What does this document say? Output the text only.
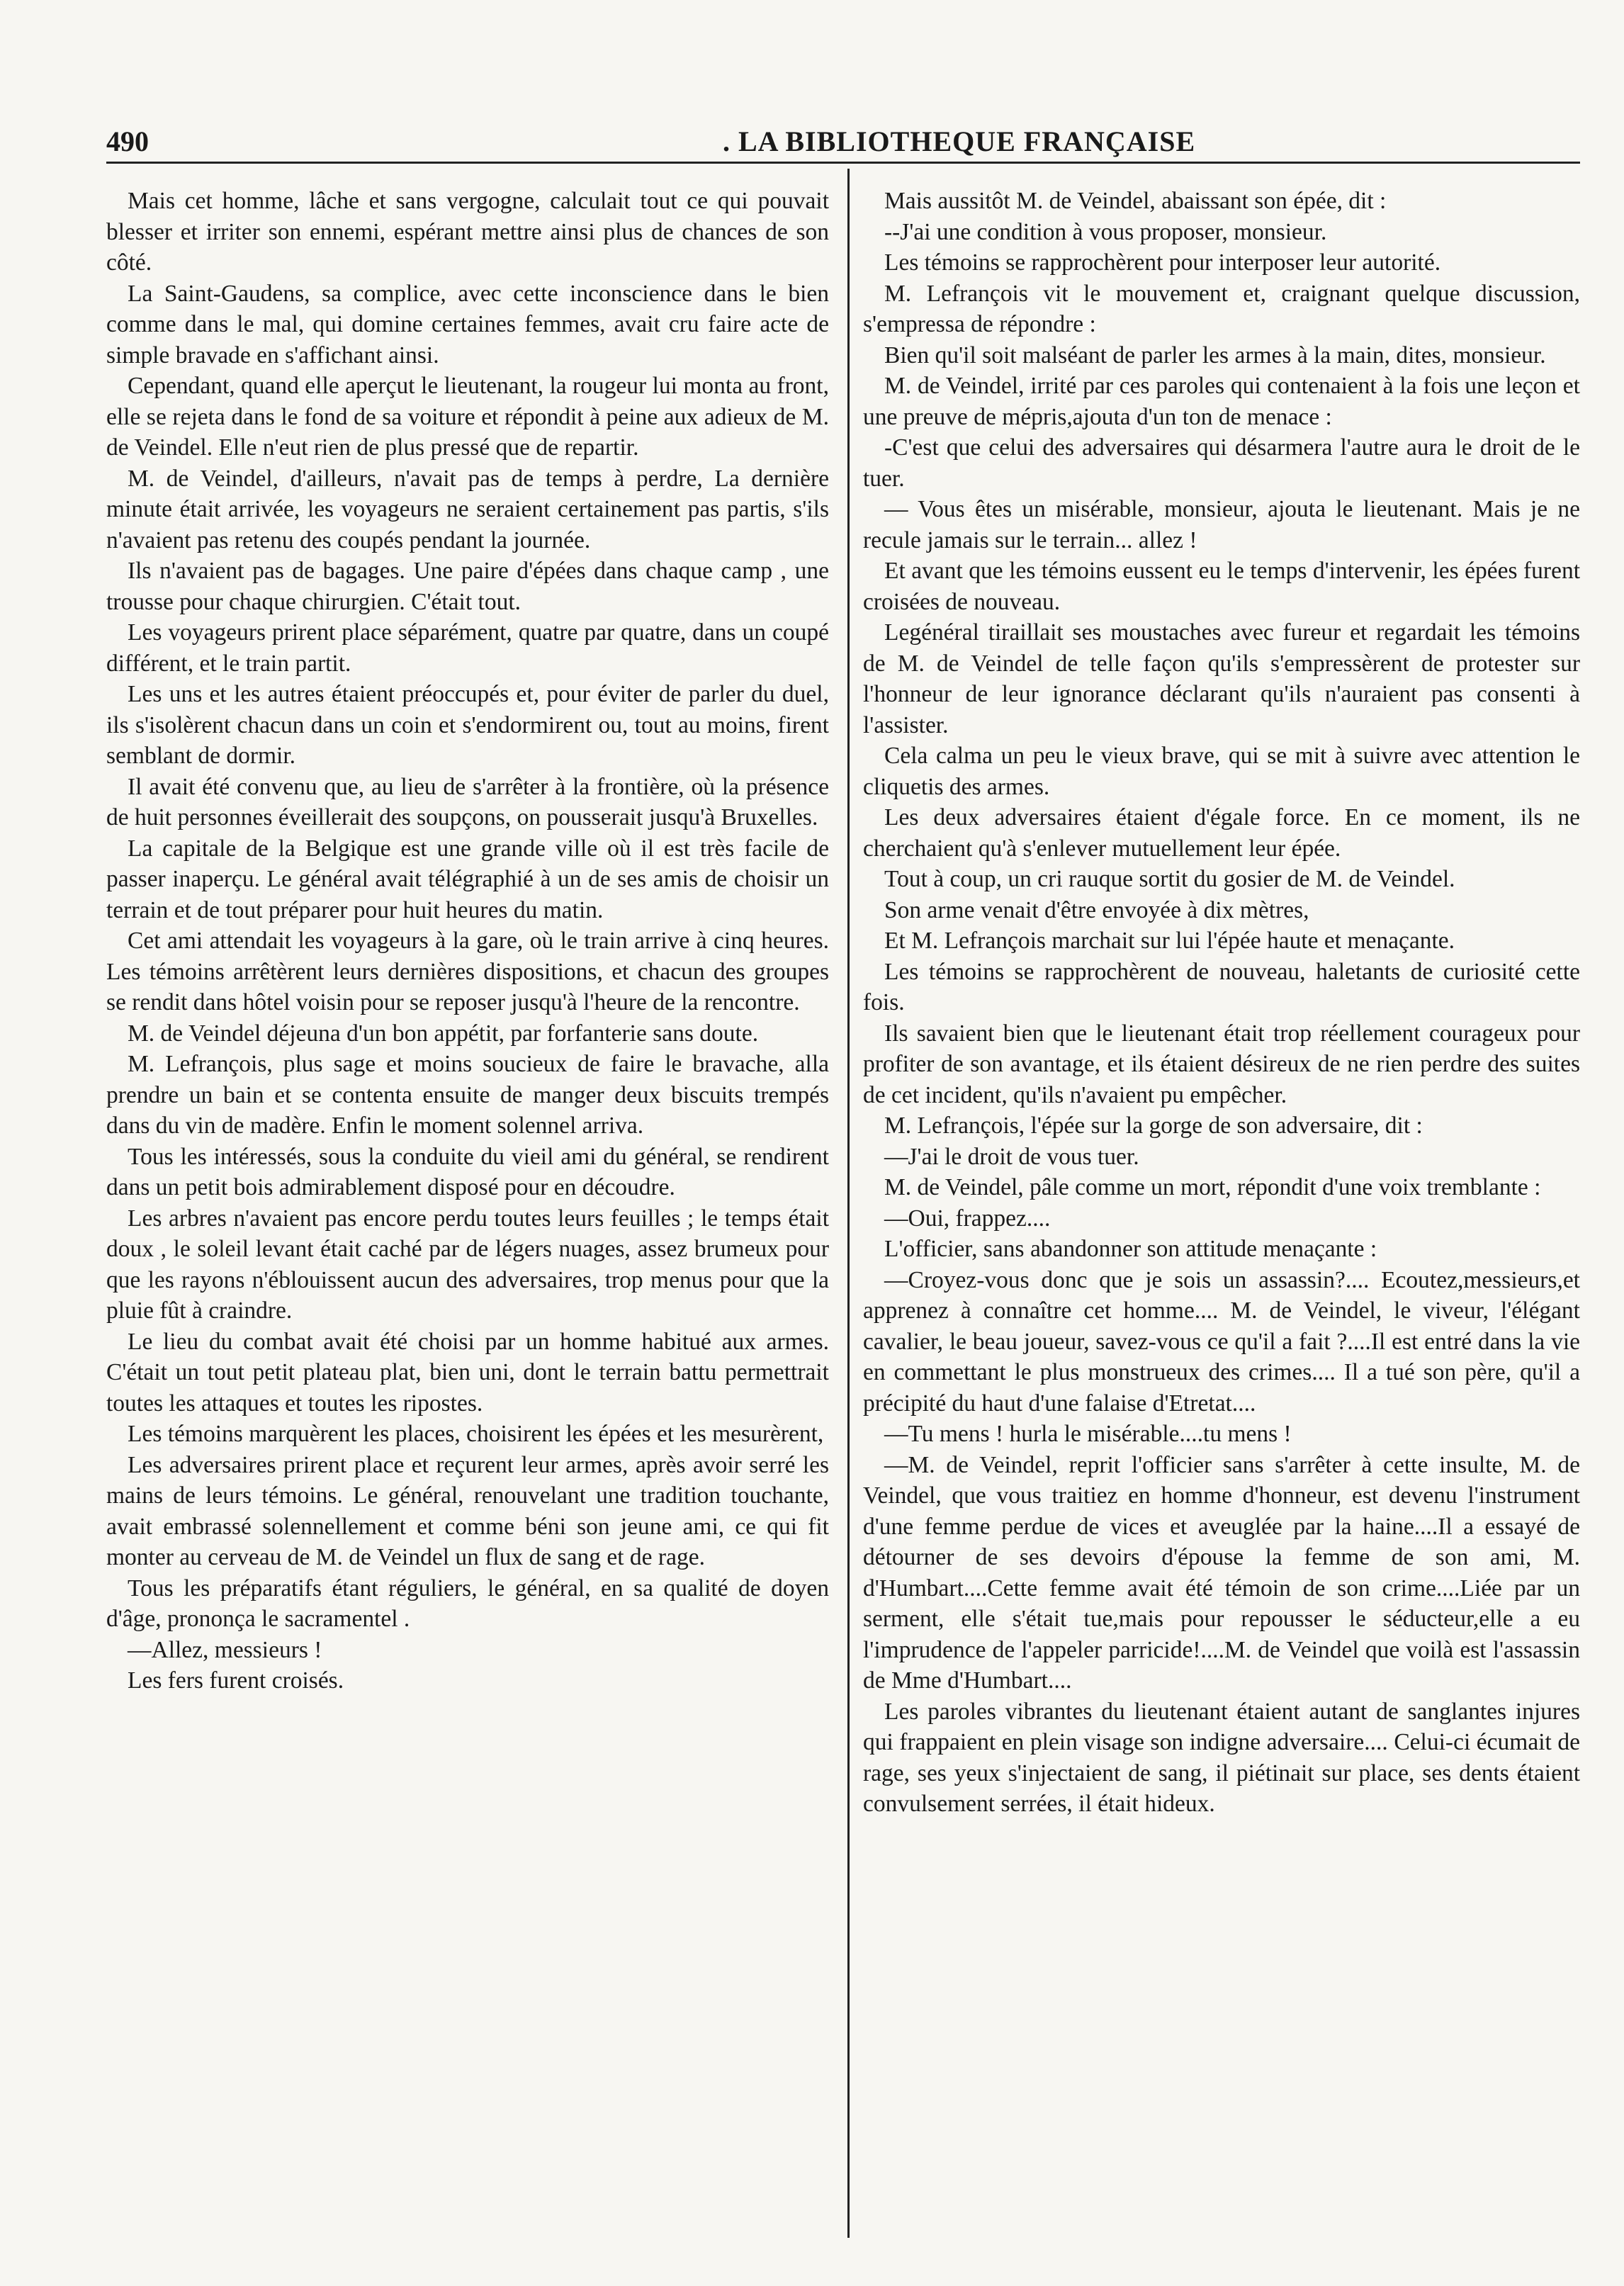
490	. LA BIBLIOTHEQUE FRANÇAISE

Mais cet homme, lâche et sans vergogne, calculait tout ce qui pouvait blesser et irriter son ennemi, espérant mettre ainsi plus de chances de son côté.

La Saint-Gaudens, sa complice, avec cette inconscience dans le bien comme dans le mal, qui domine certaines femmes, avait cru faire acte de simple bravade en s'affichant ainsi.

Cependant, quand elle aperçut le lieutenant, la rougeur lui monta au front, elle se rejeta dans le fond de sa voiture et répondit à peine aux adieux de M. de Veindel. Elle n'eut rien de plus pressé que de repartir.

M. de Veindel, d'ailleurs, n'avait pas de temps à perdre, La dernière minute était arrivée, les voyageurs ne seraient certainement pas partis, s'ils n'avaient pas retenu des coupés pendant la journée.

Ils n'avaient pas de bagages. Une paire d'épées dans chaque camp , une trousse pour chaque chirurgien. C'était tout.

Les voyageurs prirent place séparément, quatre par quatre, dans un coupé différent, et le train partit.

Les uns et les autres étaient préoccupés et, pour éviter de parler du duel, ils s'isolèrent chacun dans un coin et s'endormirent ou, tout au moins, firent semblant de dormir.

Il avait été convenu que, au lieu de s'arrêter à la frontière, où la présence de huit personnes éveillerait des soupçons, on pousserait jusqu'à Bruxelles.

La capitale de la Belgique est une grande ville où il est très facile de passer inaperçu. Le général avait télégraphié à un de ses amis de choisir un terrain et de tout préparer pour huit heures du matin.

Cet ami attendait les voyageurs à la gare, où le train arrive à cinq heures. Les témoins arrêtèrent leurs dernières dispositions, et chacun des groupes se rendit dans hôtel voisin pour se reposer jusqu'à l'heure de la rencontre.

M. de Veindel déjeuna d'un bon appétit, par forfanterie sans doute.

M. Lefrançois, plus sage et moins soucieux de faire le bravache, alla prendre un bain et se contenta ensuite de manger deux biscuits trempés dans du vin de madère. Enfin le moment solennel arriva.

Tous les intéressés, sous la conduite du vieil ami du général, se rendirent dans un petit bois admirablement disposé pour en découdre.

Les arbres n'avaient pas encore perdu toutes leurs feuilles ; le temps était doux , le soleil levant était caché par de légers nuages, assez brumeux pour que les rayons n'éblouissent aucun des adversaires, trop menus pour que la pluie fût à craindre.

Le lieu du combat avait été choisi par un homme habitué aux armes. C'était un tout petit plateau plat, bien uni, dont le terrain battu permettrait toutes les attaques et toutes les ripostes.

Les témoins marquèrent les places, choisirent les épées et les mesurèrent,

Les adversaires prirent place et reçurent leur armes, après avoir serré les mains de leurs témoins. Le général, renouvelant une tradition touchante, avait embrassé solennellement et comme béni son jeune ami, ce qui fit monter au cerveau de M. de Veindel un flux de sang et de rage.

Tous les préparatifs étant réguliers, le général, en sa qualité de doyen d'âge, prononça le sacramentel .

—Allez, messieurs !

Les fers furent croisés.

Mais aussitôt M. de Veindel, abaissant son épée, dit :

--J'ai une condition à vous proposer, monsieur.

Les témoins se rapprochèrent pour interposer leur autorité.

M. Lefrançois vit le mouvement et, craignant quelque discussion, s'empressa de répondre :

Bien qu'il soit malséant de parler les armes à la main, dites, monsieur.

M. de Veindel, irrité par ces paroles qui contenaient à la fois une leçon et une preuve de mépris,ajouta d'un ton de menace :

-C'est que celui des adversaires qui désarmera l'autre aura le droit de le tuer.

— Vous êtes un misérable, monsieur, ajouta le lieutenant. Mais je ne recule jamais sur le terrain... allez !

Et avant que les témoins eussent eu le temps d'intervenir, les épées furent croisées de nouveau.

Legénéral tiraillait ses moustaches avec fureur et regardait les témoins de M. de Veindel de telle façon qu'ils s'empressèrent de protester sur l'honneur de leur ignorance déclarant qu'ils n'auraient pas consenti à l'assister.

Cela calma un peu le vieux brave, qui se mit à suivre avec attention le cliquetis des armes.

Les deux adversaires étaient d'égale force. En ce moment, ils ne cherchaient qu'à s'enlever mutuellement leur épée.

Tout à coup, un cri rauque sortit du gosier de M. de Veindel.

Son arme venait d'être envoyée à dix mètres,

Et M. Lefrançois marchait sur lui l'épée haute et menaçante.

Les témoins se rapprochèrent de nouveau, haletants de curiosité cette fois.

Ils savaient bien que le lieutenant était trop réellement courageux pour profiter de son avantage, et ils étaient désireux de ne rien perdre des suites de cet incident, qu'ils n'avaient pu empêcher.

M. Lefrançois, l'épée sur la gorge de son adversaire, dit :

—J'ai le droit de vous tuer.

M. de Veindel, pâle comme un mort, répondit d'une voix tremblante :

—Oui, frappez....

L'officier, sans abandonner son attitude menaçante :

—Croyez-vous donc que je sois un assassin?.... Ecoutez,messieurs,et apprenez à connaître cet homme.... M. de Veindel, le viveur, l'élégant cavalier, le beau joueur, savez-vous ce qu'il a fait ?....Il est entré dans la vie en commettant le plus monstrueux des crimes.... Il a tué son père, qu'il a précipité du haut d'une falaise d'Etretat....

—Tu mens ! hurla le misérable....tu mens !

—M. de Veindel, reprit l'officier sans s'arrêter à cette insulte, M. de Veindel, que vous traitiez en homme d'honneur, est devenu l'instrument d'une femme perdue de vices et aveuglée par la haine....Il a essayé de détourner de ses devoirs d'épouse la femme de son ami, M. d'Humbart....Cette femme avait été témoin de son crime....Liée par un serment, elle s'était tue,mais pour repousser le séducteur,elle a eu l'imprudence de l'appeler parricide!....M. de Veindel que voilà est l'assassin de Mme d'Humbart....

Les paroles vibrantes du lieutenant étaient autant de sanglantes injures qui frappaient en plein visage son indigne adversaire.... Celui-ci écumait de rage, ses yeux s'injectaient de sang, il piétinait sur place, ses dents étaient convulsement serrées, il était hideux.
